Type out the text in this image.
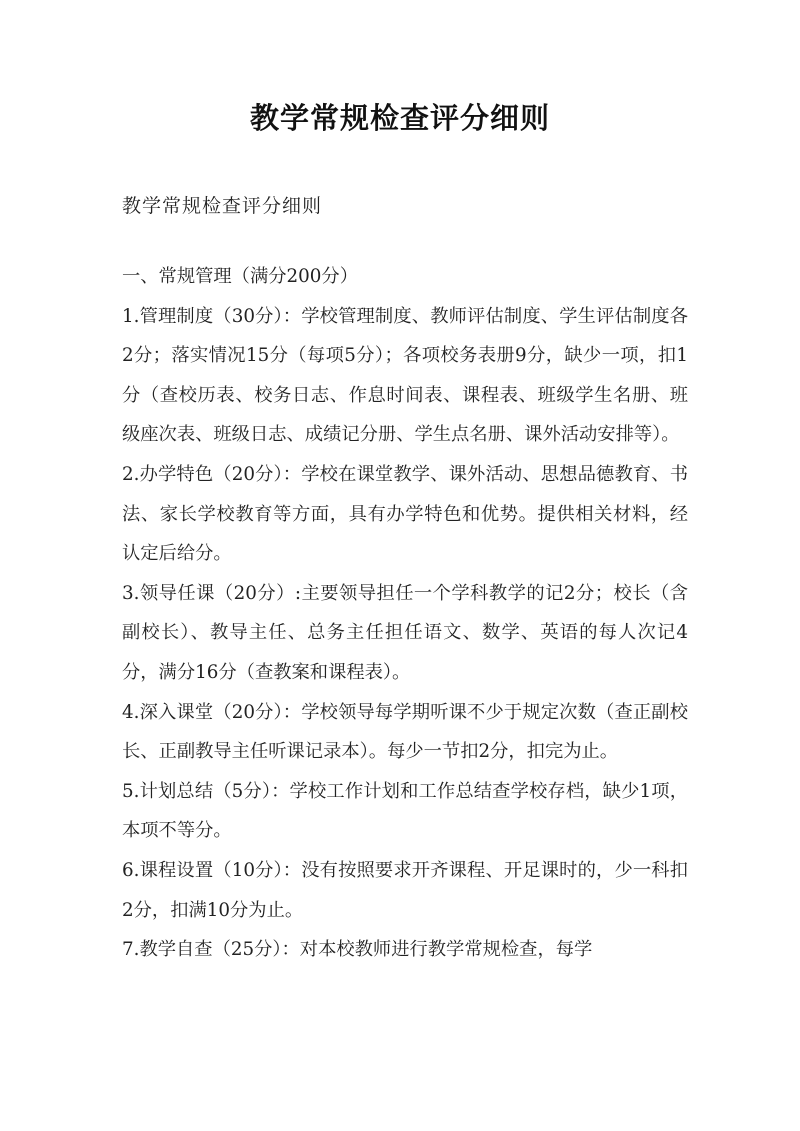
教学常规检查评分细则
教学常规检查评分细则

一、常规管理（满分200分）

1.管理制度（30分）：学校管理制度、教师评估制度、学生评估制度各2分；落实情况15分（每项5分）；各项校务表册9分，缺少一项，扣1分（查校历表、校务日志、作息时间表、课程表、班级学生名册、班级座次表、班级日志、成绩记分册、学生点名册、课外活动安排等）。

2.办学特色（20分）：学校在课堂教学、课外活动、思想品德教育、书法、家长学校教育等方面，具有办学特色和优势。提供相关材料，经认定后给分。

3.领导任课（20分）:主要领导担任一个学科教学的记2分；校长（含副校长）、教导主任、总务主任担任语文、数学、英语的每人次记4分，满分16分（查教案和课程表）。

4.深入课堂（20分）：学校领导每学期听课不少于规定次数（查正副校长、正副教导主任听课记录本）。每少一节扣2分，扣完为止。

5.计划总结（5分）：学校工作计划和工作总结查学校存档，缺少1项，本项不等分。

6.课程设置（10分）：没有按照要求开齐课程、开足课时的，少一科扣2分，扣满10分为止。

7.教学自查（25分）：对本校教师进行教学常规检查，每学
